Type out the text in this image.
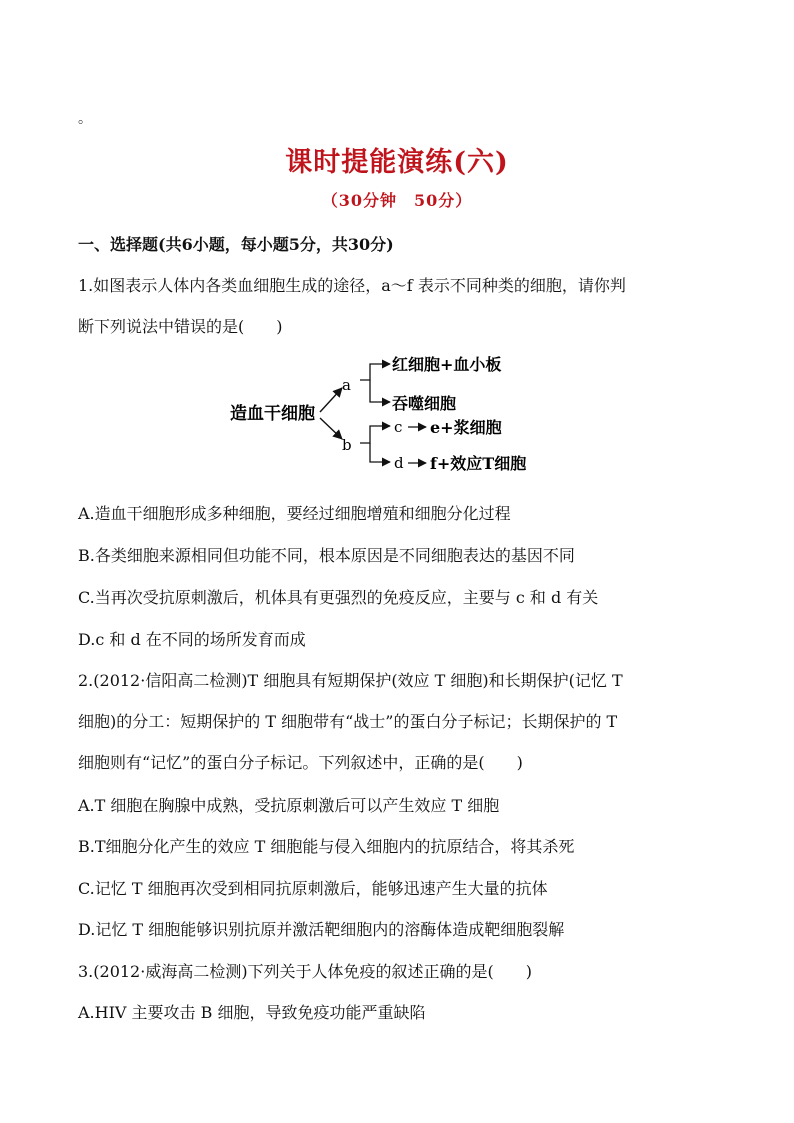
。
课时提能演练(六)
（30分钟　50分）
一、选择题(共6小题，每小题5分，共30分)
1.如图表示人体内各类血细胞生成的途径，a～f 表示不同种类的细胞，请你判
断下列说法中错误的是(　　)
造血干细胞
a
b
红细胞+血小板
吞噬细胞
c
d
e+浆细胞
f+效应T细胞
A.造血干细胞形成多种细胞，要经过细胞增殖和细胞分化过程
B.各类细胞来源相同但功能不同，根本原因是不同细胞表达的基因不同
C.当再次受抗原刺激后，机体具有更强烈的免疫反应，主要与 c 和 d 有关
D.c 和 d 在不同的场所发育而成
2.(2012·信阳高二检测)T 细胞具有短期保护(效应 T 细胞)和长期保护(记忆 T
细胞)的分工：短期保护的 T 细胞带有“战士”的蛋白分子标记；长期保护的 T
细胞则有“记忆”的蛋白分子标记。下列叙述中，正确的是(　　)
A.T 细胞在胸腺中成熟，受抗原刺激后可以产生效应 T 细胞
B.T细胞分化产生的效应 T 细胞能与侵入细胞内的抗原结合，将其杀死
C.记忆 T 细胞再次受到相同抗原刺激后，能够迅速产生大量的抗体
D.记忆 T 细胞能够识别抗原并激活靶细胞内的溶酶体造成靶细胞裂解
3.(2012·威海高二检测)下列关于人体免疫的叙述正确的是(　　)
A.HIV 主要攻击 B 细胞，导致免疫功能严重缺陷
